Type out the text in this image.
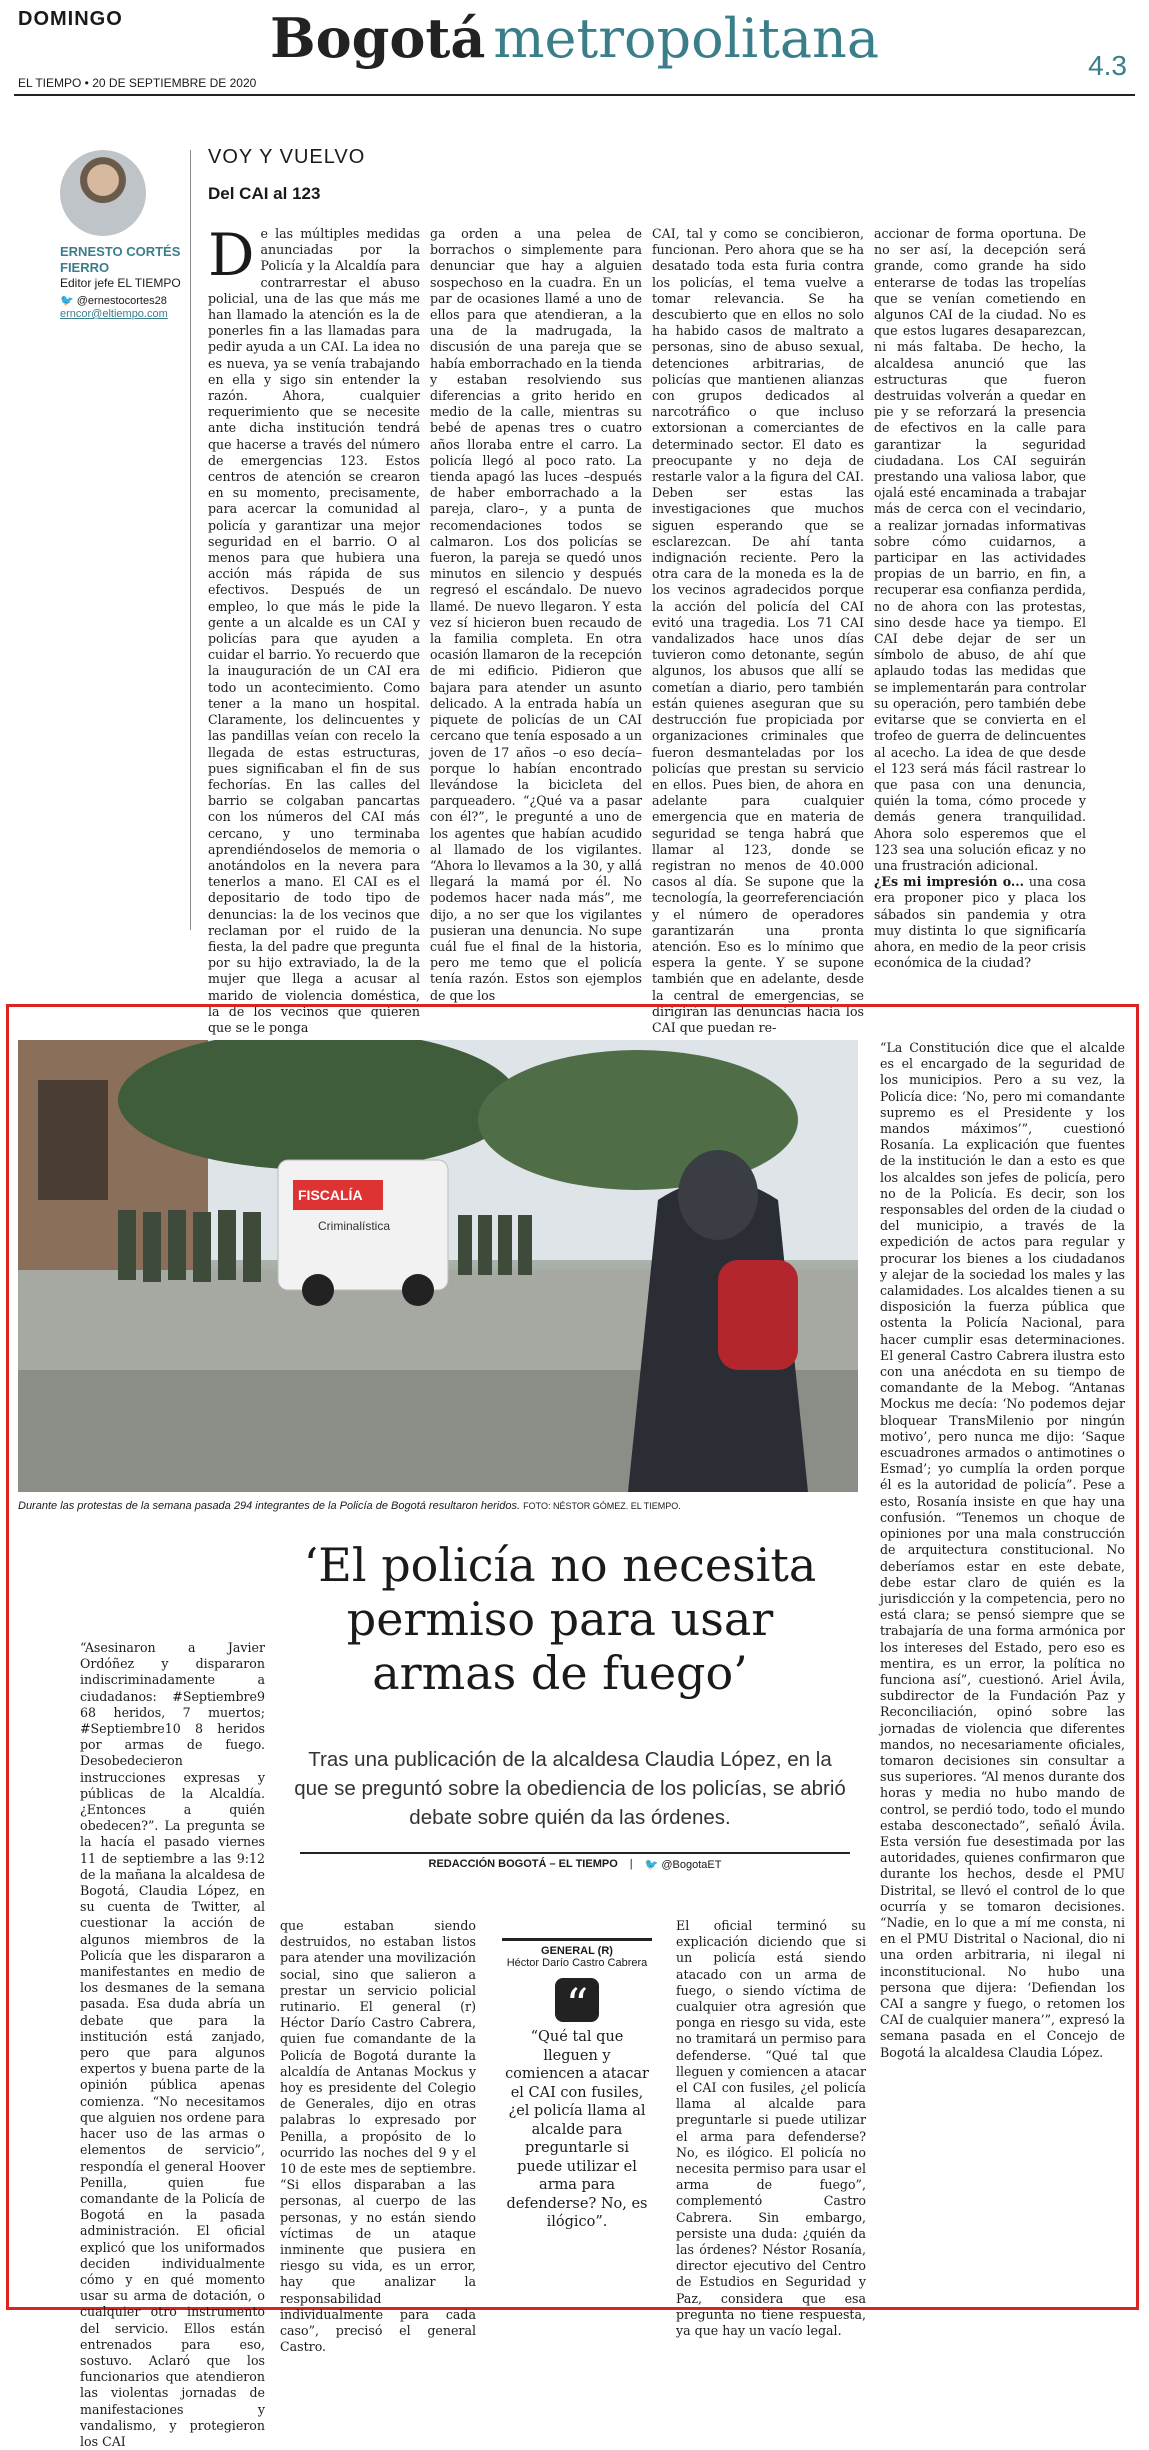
DOMINGO	Bogotá metropolitana
EL TIEMPO • 20 DE SEPTIEMBRE DE 2020
4.3
ERNESTO CORTÉS FIERRO
Editor jefe EL TIEMPO
🐦 @ernestocortes28
erncor@eltiempo.com
VOY Y VUELVO
Del CAI al 123
De las múltiples medidas anunciadas por la Policía y la Alcaldía para contrarrestar el abuso policial, una de las que más me han llamado la atención es la de ponerles fin a las llamadas para pedir ayuda a un CAI. La idea no es nueva, ya se venía trabajando en ella y sigo sin entender la razón. Ahora, cualquier requerimiento que se necesite ante dicha institución tendrá que hacerse a través del número de emergencias 123. Estos centros de atención se crearon en su momento, precisamente, para acercar la comunidad al policía y garantizar una mejor seguridad en el barrio. O al menos para que hubiera una acción más rápida de sus efectivos. Después de un empleo, lo que más le pide la gente a un alcalde es un CAI y policías para que ayuden a cuidar el barrio. Yo recuerdo que la inauguración de un CAI era todo un acontecimiento. Como tener a la mano un hospital. Claramente, los delincuentes y las pandillas veían con recelo la llegada de estas estructuras, pues significaban el fin de sus fechorías. En las calles del barrio se colgaban pancartas con los números del CAI más cercano, y uno terminaba aprendiéndoselos de memoria o anotándolos en la nevera para tenerlos a mano. El CAI es el depositario de todo tipo de denuncias: la de los vecinos que reclaman por el ruido de la fiesta, la del padre que pregunta por su hijo extraviado, la de la mujer que llega a acusar al marido de violencia doméstica, la de los vecinos que quieren que se le ponga
ga orden a una pelea de borrachos o simplemente para denunciar que hay a alguien sospechoso en la cuadra. En un par de ocasiones llamé a uno de ellos para que atendieran, a la una de la madrugada, la discusión de una pareja que se había emborrachado en la tienda y estaban resolviendo sus diferencias a grito herido en medio de la calle, mientras su bebé de apenas tres o cuatro años lloraba entre el carro. La policía llegó al poco rato. La tienda apagó las luces –después de haber emborrachado a la pareja, claro–, y a punta de recomendaciones todos se calmaron. Los dos policías se fueron, la pareja se quedó unos minutos en silencio y después regresó el escándalo. De nuevo llamé. De nuevo llegaron. Y esta vez sí hicieron buen recaudo de la familia completa. En otra ocasión llamaron de la recepción de mi edificio. Pidieron que bajara para atender un asunto delicado. A la entrada había un piquete de policías de un CAI cercano que tenía esposado a un joven de 17 años –o eso decía– porque lo habían encontrado llevándose la bicicleta del parqueadero. “¿Qué va a pasar con él?”, le pregunté a uno de los agentes que habían acudido al llamado de los vigilantes. “Ahora lo llevamos a la 30, y allá llegará la mamá por él. No podemos hacer nada más”, me dijo, a no ser que los vigilantes pusieran una denuncia. No supe cuál fue el final de la historia, pero me temo que el policía tenía razón. Estos son ejemplos de que los
CAI, tal y como se concibieron, funcionan. Pero ahora que se ha desatado toda esta furia contra los policías, el tema vuelve a tomar relevancia. Se ha descubierto que en ellos no solo ha habido casos de maltrato a personas, sino de abuso sexual, detenciones arbitrarias, de policías que mantienen alianzas con grupos dedicados al narcotráfico o que incluso extorsionan a comerciantes de determinado sector. El dato es preocupante y no deja de restarle valor a la figura del CAI. Deben ser estas las investigaciones que muchos siguen esperando que se esclarezcan. De ahí tanta indignación reciente. Pero la otra cara de la moneda es la de los vecinos agradecidos porque la acción del policía del CAI evitó una tragedia. Los 71 CAI vandalizados hace unos días tuvieron como detonante, según algunos, los abusos que allí se cometían a diario, pero también están quienes aseguran que su destrucción fue propiciada por organizaciones criminales que fueron desmanteladas por los policías que prestan su servicio en ellos. Pues bien, de ahora en adelante para cualquier emergencia que en materia de seguridad se tenga habrá que llamar al 123, donde se registran no menos de 40.000 casos al día. Se supone que la tecnología, la georreferenciación y el número de operadores garantizarán una pronta atención. Eso es lo mínimo que espera la gente. Y se supone también que en adelante, desde la central de emergencias, se dirigirán las denuncias hacia los CAI que puedan re-
accionar de forma oportuna. De no ser así, la decepción será grande, como grande ha sido enterarse de todas las tropelías que se venían cometiendo en algunos CAI de la ciudad. No es que estos lugares desaparezcan, ni más faltaba. De hecho, la alcaldesa anunció que las estructuras que fueron destruidas volverán a quedar en pie y se reforzará la presencia de efectivos en la calle para garantizar la seguridad ciudadana. Los CAI seguirán prestando una valiosa labor, que ojalá esté encaminada a trabajar más de cerca con el vecindario, a realizar jornadas informativas sobre cómo cuidarnos, a participar en las actividades propias de un barrio, en fin, a recuperar esa confianza perdida, no de ahora con las protestas, sino desde hace ya tiempo. El CAI debe dejar de ser un símbolo de abuso, de ahí que aplaudo todas las medidas que se implementarán para controlar su operación, pero también debe evitarse que se convierta en el trofeo de guerra de delincuentes al acecho. La idea de que desde el 123 será más fácil rastrear lo que pasa con una denuncia, quién la toma, cómo procede y demás genera tranquilidad. Ahora solo esperemos que el 123 sea una solución eficaz y no una frustración adicional.
¿Es mi impresión o... una cosa era proponer pico y placa los sábados sin pandemia y otra muy distinta lo que significaría ahora, en medio de la peor crisis económica de la ciudad?
FISCALÍA
Criminalística
Durante las protestas de la semana pasada 294 integrantes de la Policía de Bogotá resultaron heridos. FOTO: NÉSTOR GÓMEZ. EL TIEMPO.
‘El policía no necesita permiso para usar armas de fuego’
Tras una publicación de la alcaldesa Claudia López, en la que se preguntó sobre la obediencia de los policías, se abrió debate sobre quién da las órdenes.
REDACCIÓN BOGOTÁ – EL TIEMPO | 🐦 @BogotaET
“Asesinaron a Javier Ordóñez y dispararon indiscriminadamente a ciudadanos: #Septiembre9 68 heridos, 7 muertos; #Septiembre10 8 heridos por armas de fuego. Desobedecieron instrucciones expresas y públicas de la Alcaldía. ¿Entonces a quién obedecen?”. La pregunta se la hacía el pasado viernes 11 de septiembre a las 9:12 de la mañana la alcaldesa de Bogotá, Claudia López, en su cuenta de Twitter, al cuestionar la acción de algunos miembros de la Policía que les dispararon a manifestantes en medio de los desmanes de la semana pasada. Esa duda abría un debate que para la institución está zanjado, pero que para algunos expertos y buena parte de la opinión pública apenas comienza. “No necesitamos que alguien nos ordene para hacer uso de las armas o elementos de servicio”, respondía el general Hoover Penilla, quien fue comandante de la Policía de Bogotá en la pasada administración. El oficial explicó que los uniformados deciden individualmente cómo y en qué momento usar su arma de dotación, o cualquier otro instrumento del servicio. Ellos están entrenados para eso, sostuvo. Aclaró que los funcionarios que atendieron las violentas jornadas de manifestaciones y vandalismo, y protegieron los CAI
que estaban siendo destruidos, no estaban listos para atender una movilización social, sino que salieron a prestar un servicio policial rutinario. El general (r) Héctor Darío Castro Cabrera, quien fue comandante de la Policía de Bogotá durante la alcaldía de Antanas Mockus y hoy es presidente del Colegio de Generales, dijo en otras palabras lo expresado por Penilla, a propósito de lo ocurrido las noches del 9 y el 10 de este mes de septiembre. “Si ellos disparaban a las personas, al cuerpo de las personas, y no están siendo víctimas de un ataque inminente que pusiera en riesgo su vida, es un error, hay que analizar la responsabilidad individualmente para cada caso”, precisó el general Castro.
GENERAL (R)
Héctor Darío Castro Cabrera
“
“Qué tal que lleguen y comiencen a atacar el CAI con fusiles, ¿el policía llama al alcalde para preguntarle si puede utilizar el arma para defenderse? No, es ilógico”.
El oficial terminó su explicación diciendo que si un policía está siendo atacado con un arma de fuego, o siendo víctima de cualquier otra agresión que ponga en riesgo su vida, este no tramitará un permiso para defenderse. “Qué tal que lleguen y comiencen a atacar el CAI con fusiles, ¿el policía llama al alcalde para preguntarle si puede utilizar el arma para defenderse? No, es ilógico. El policía no necesita permiso para usar el arma de fuego”, complementó Castro Cabrera. Sin embargo, persiste una duda: ¿quién da las órdenes? Néstor Rosanía, director ejecutivo del Centro de Estudios en Seguridad y Paz, considera que esa pregunta no tiene respuesta, ya que hay un vacío legal.
“La Constitución dice que el alcalde es el encargado de la seguridad de los municipios. Pero a su vez, la Policía dice: ‘No, pero mi comandante supremo es el Presidente y los mandos máximos’”, cuestionó Rosanía. La explicación que fuentes de la institución le dan a esto es que los alcaldes son jefes de policía, pero no de la Policía. Es decir, son los responsables del orden de la ciudad o del municipio, a través de la expedición de actos para regular y procurar los bienes a los ciudadanos y alejar de la sociedad los males y las calamidades. Los alcaldes tienen a su disposición la fuerza pública que ostenta la Policía Nacional, para hacer cumplir esas determinaciones. El general Castro Cabrera ilustra esto con una anécdota en su tiempo de comandante de la Mebog. “Antanas Mockus me decía: ‘No podemos dejar bloquear TransMilenio por ningún motivo’, pero nunca me dijo: ‘Saque escuadrones armados o antimotines o Esmad’; yo cumplía la orden porque él es la autoridad de policía”. Pese a esto, Rosanía insiste en que hay una confusión. “Tenemos un choque de opiniones por una mala construcción de arquitectura constitucional. No deberíamos estar en este debate, debe estar claro de quién es la jurisdicción y la competencia, pero no está clara; se pensó siempre que se trabajaría de una forma armónica por los intereses del Estado, pero eso es mentira, es un error, la política no funciona así”, cuestionó. Ariel Ávila, subdirector de la Fundación Paz y Reconciliación, opinó sobre las jornadas de violencia que diferentes mandos, no necesariamente oficiales, tomaron decisiones sin consultar a sus superiores. “Al menos durante dos horas y media no hubo mando de control, se perdió todo, todo el mundo estaba desconectado”, señaló Ávila. Esta versión fue desestimada por las autoridades, quienes confirmaron que durante los hechos, desde el PMU Distrital, se llevó el control de lo que ocurría y se tomaron decisiones. “Nadie, en lo que a mí me consta, ni en el PMU Distrital o Nacional, dio ni una orden arbitraria, ni ilegal ni inconstitucional. No hubo una persona que dijera: ‘Defiendan los CAI a sangre y fuego, o retomen los CAI de cualquier manera’”, expresó la semana pasada en el Concejo de Bogotá la alcaldesa Claudia López.
